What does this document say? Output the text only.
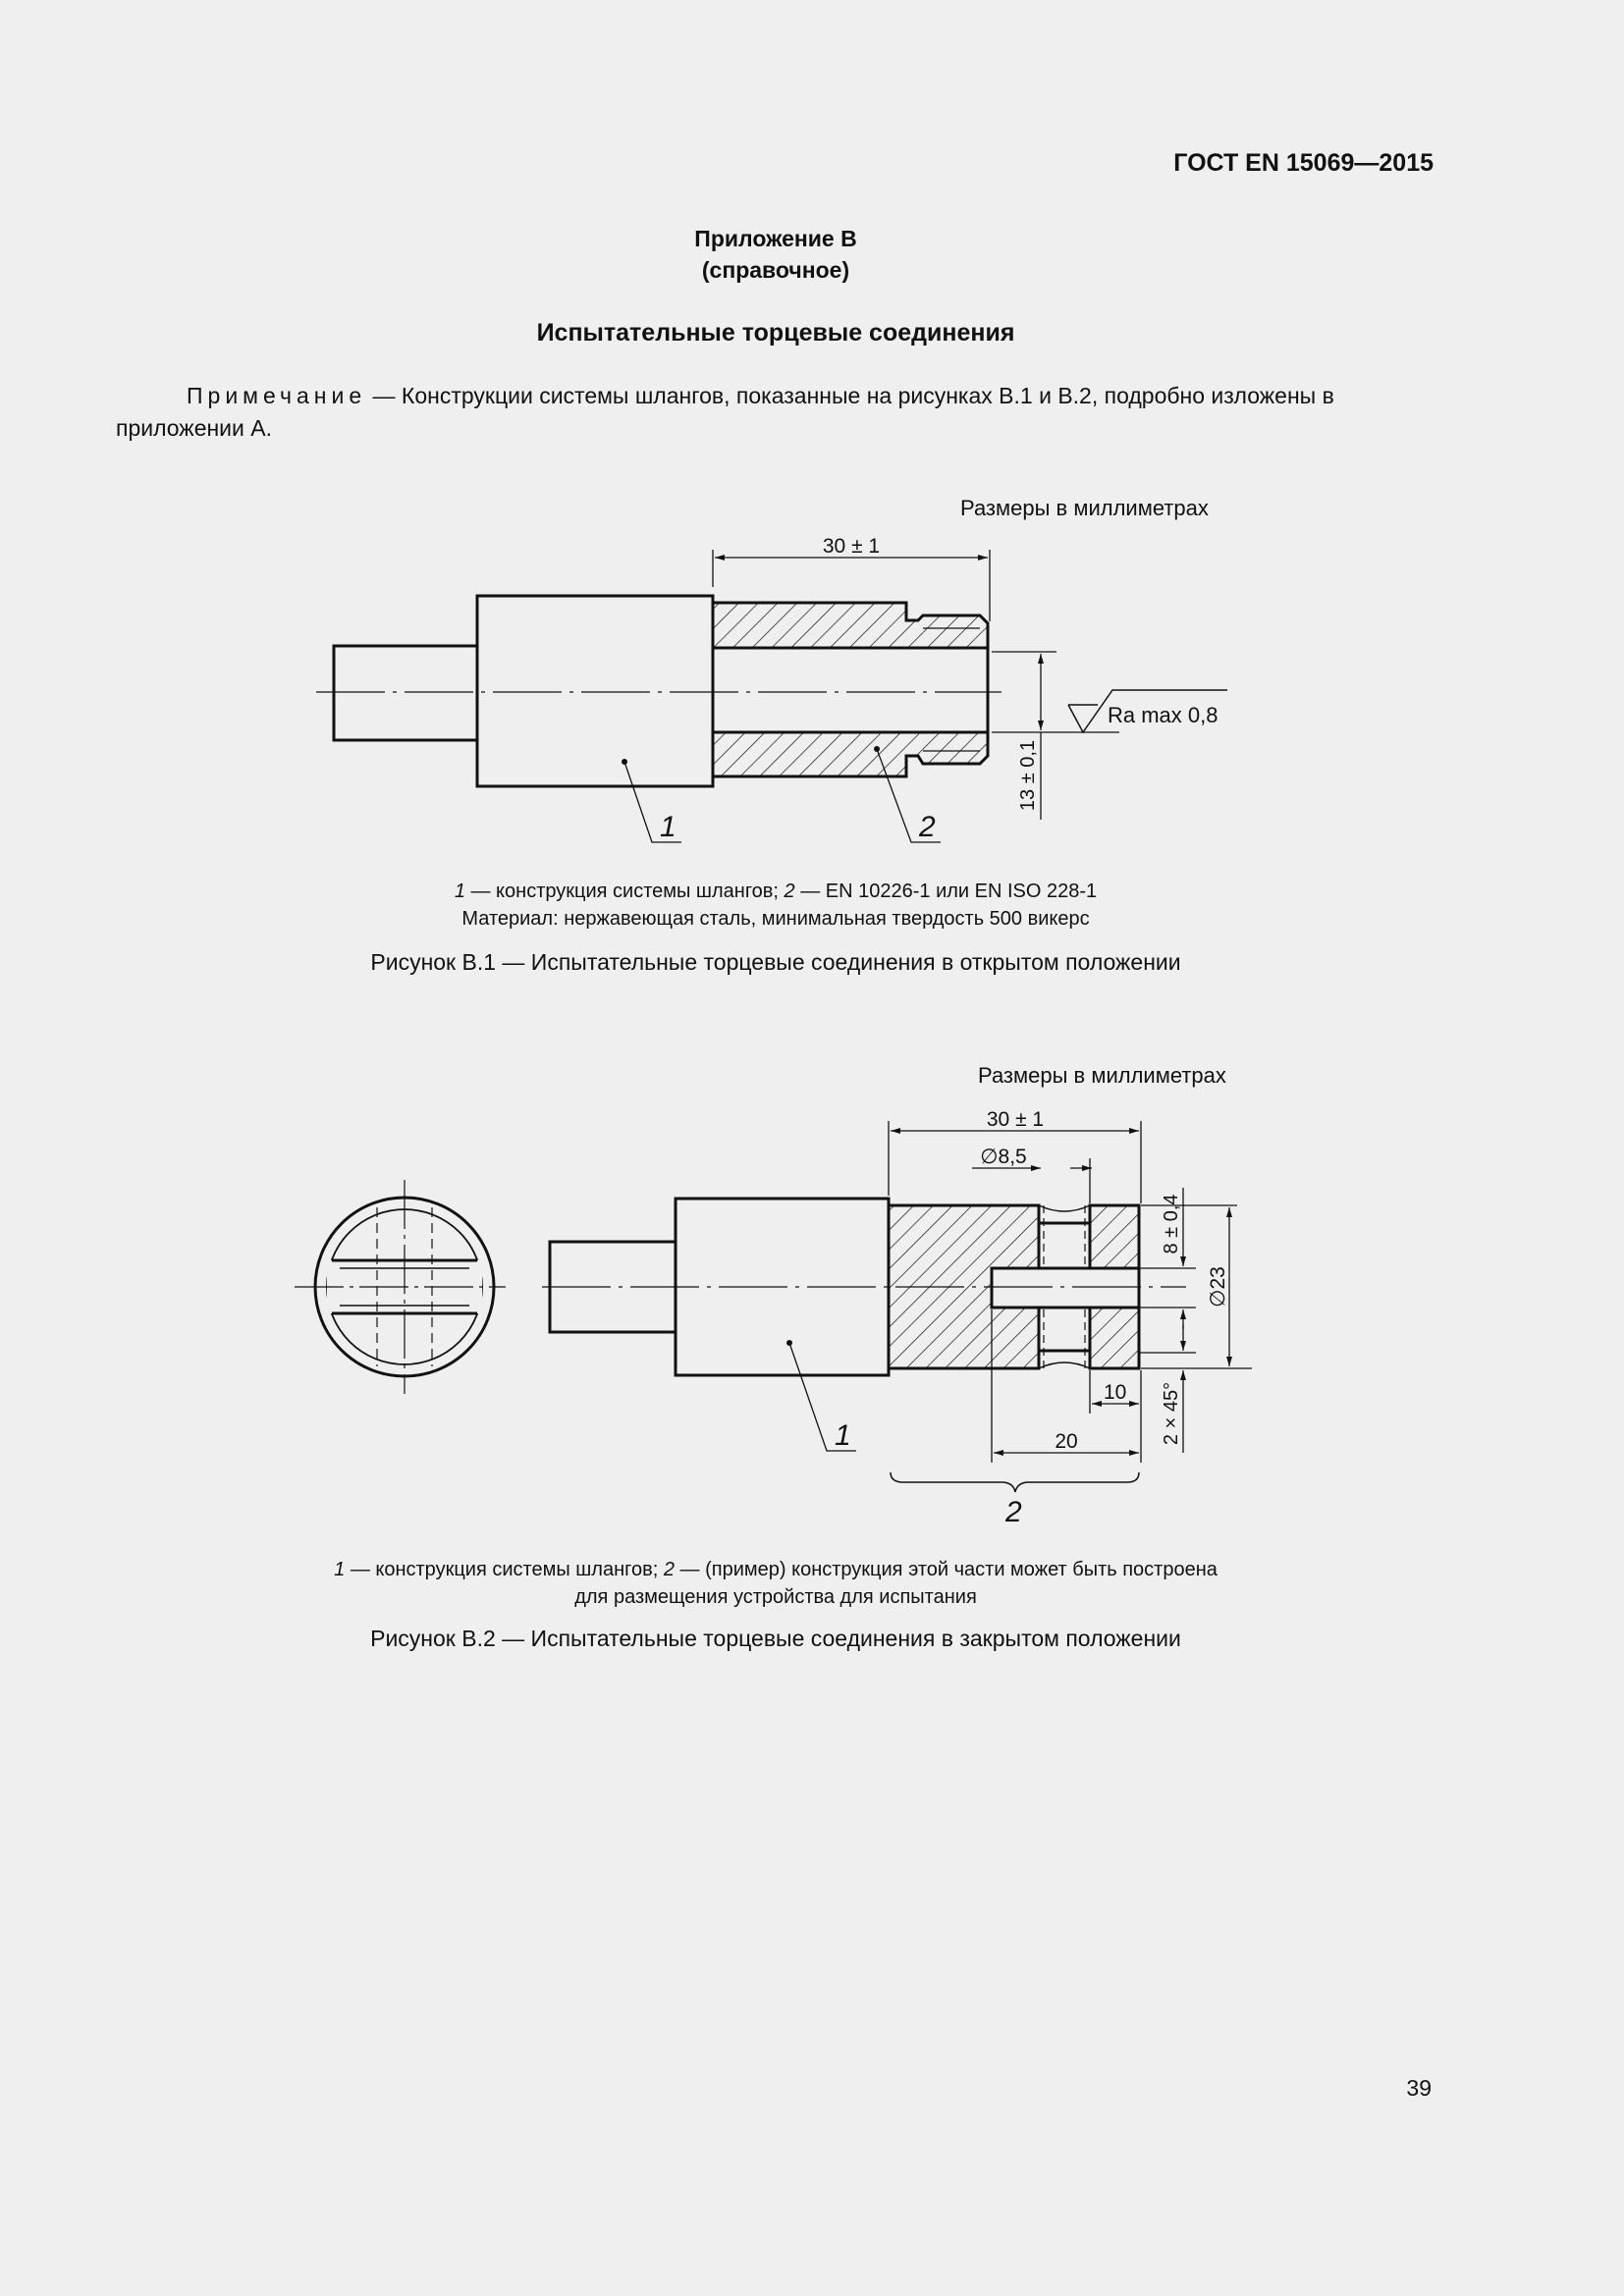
ГОСТ EN 15069—2015
Приложение В
(справочное)
Испытательные торцевые соединения
Примечание — Конструкции системы шлангов, показанные на рисунках В.1 и В.2, подробно изложены в приложении А.
Размеры в миллиметрах
1 — конструкция системы шлангов; 2 — EN 10226-1 или EN ISO 228-1
Материал: нержавеющая сталь, минимальная твердость 500 викерс
Рисунок В.1 — Испытательные торцевые соединения в открытом положении
Размеры в миллиметрах
1 — конструкция системы шлангов; 2 — (пример) конструкция этой части может быть построена
для размещения устройства для испытания
Рисунок В.2 — Испытательные торцевые соединения в закрытом положении
39
30 ± 1
13 ± 0,1
Ra max 0,8
1	2
30 ± 1
∅8,5
8 ± 0,4
∅23
10
20	2 × 45°
1
2
